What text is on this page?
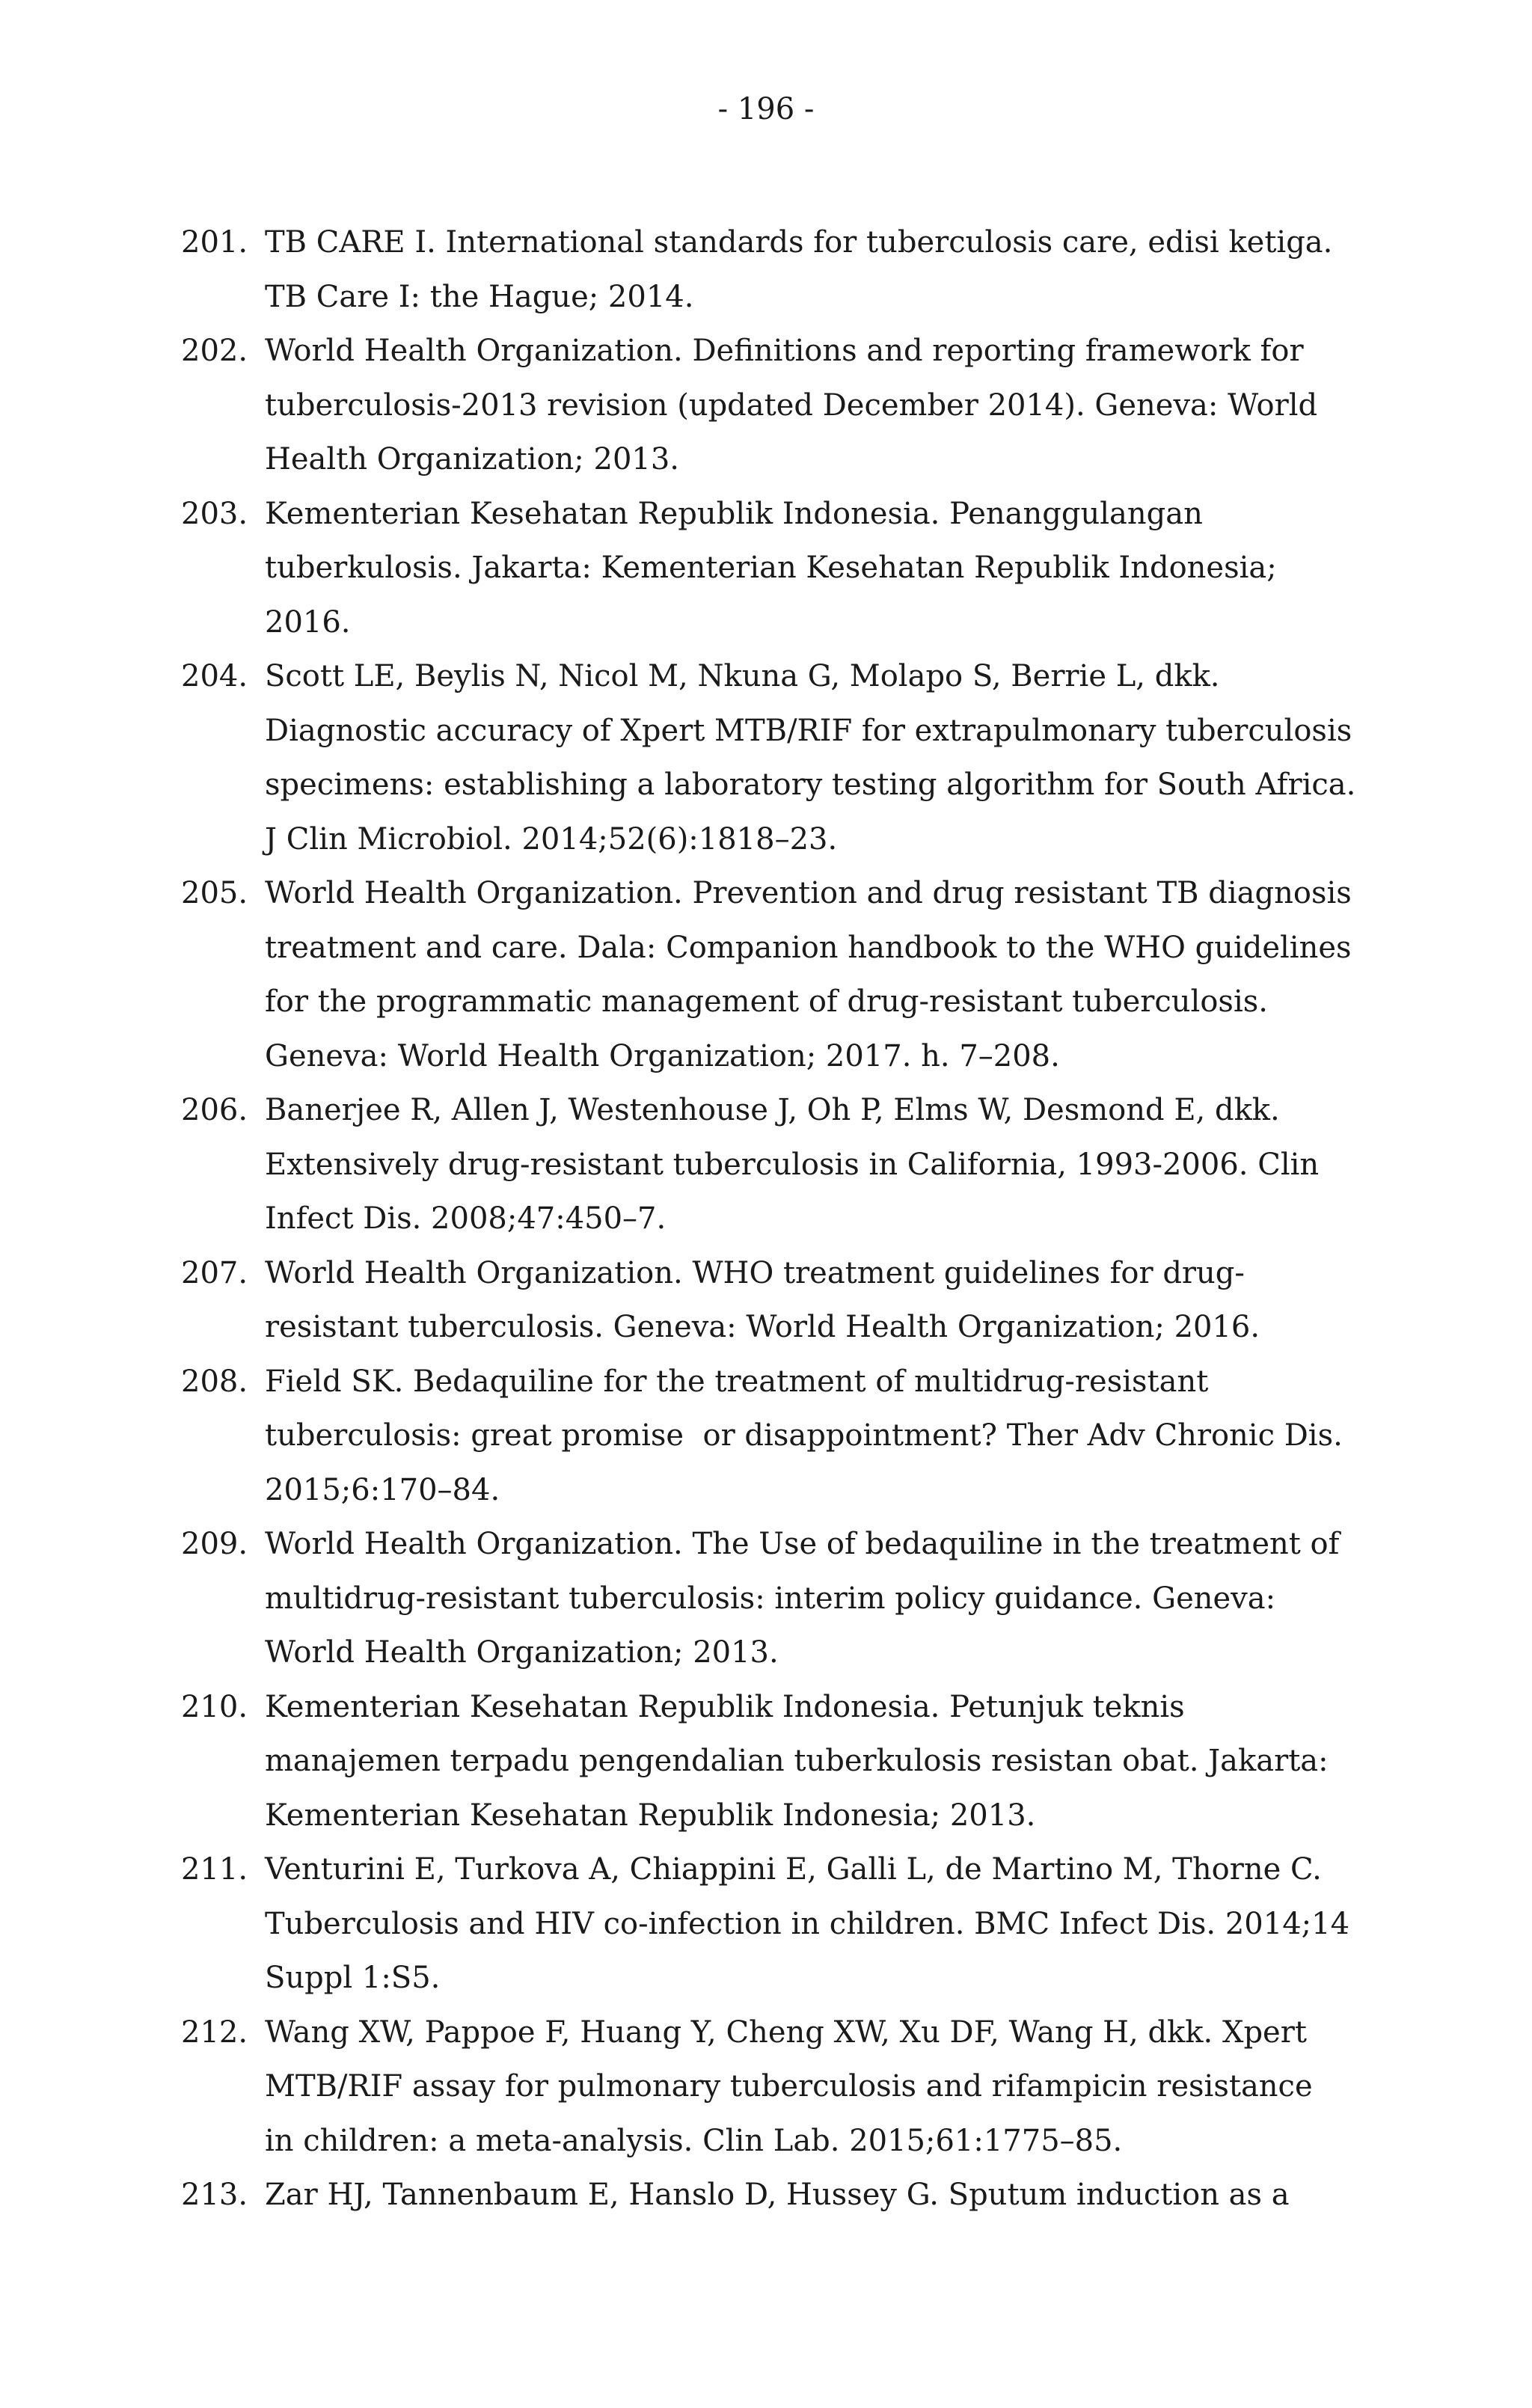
- 196 -
201. TB CARE I. International standards for tuberculosis care, edisi ketiga.
TB Care I: the Hague; 2014.
202. World Health Organization. Definitions and reporting framework for
tuberculosis-2013 revision (updated December 2014). Geneva: World
Health Organization; 2013.
203. Kementerian Kesehatan Republik Indonesia. Penanggulangan
tuberkulosis. Jakarta: Kementerian Kesehatan Republik Indonesia;
2016.
204. Scott LE, Beylis N, Nicol M, Nkuna G, Molapo S, Berrie L, dkk.
Diagnostic accuracy of Xpert MTB/RIF for extrapulmonary tuberculosis
specimens: establishing a laboratory testing algorithm for South Africa.
J Clin Microbiol. 2014;52(6):1818–23.
205. World Health Organization. Prevention and drug resistant TB diagnosis
treatment and care. Dala: Companion handbook to the WHO guidelines
for the programmatic management of drug-resistant tuberculosis.
Geneva: World Health Organization; 2017. h. 7–208.
206. Banerjee R, Allen J, Westenhouse J, Oh P, Elms W, Desmond E, dkk.
Extensively drug-resistant tuberculosis in California, 1993-2006. Clin
Infect Dis. 2008;47:450–7.
207. World Health Organization. WHO treatment guidelines for drug-
resistant tuberculosis. Geneva: World Health Organization; 2016.
208. Field SK. Bedaquiline for the treatment of multidrug-resistant
tuberculosis: great promise  or disappointment? Ther Adv Chronic Dis.
2015;6:170–84.
209. World Health Organization. The Use of bedaquiline in the treatment of
multidrug-resistant tuberculosis: interim policy guidance. Geneva:
World Health Organization; 2013.
210. Kementerian Kesehatan Republik Indonesia. Petunjuk teknis
manajemen terpadu pengendalian tuberkulosis resistan obat. Jakarta:
Kementerian Kesehatan Republik Indonesia; 2013.
211. Venturini E, Turkova A, Chiappini E, Galli L, de Martino M, Thorne C.
Tuberculosis and HIV co-infection in children. BMC Infect Dis. 2014;14
Suppl 1:S5.
212. Wang XW, Pappoe F, Huang Y, Cheng XW, Xu DF, Wang H, dkk. Xpert
MTB/RIF assay for pulmonary tuberculosis and rifampicin resistance
in children: a meta-analysis. Clin Lab. 2015;61:1775–85.
213. Zar HJ, Tannenbaum E, Hanslo D, Hussey G. Sputum induction as a
